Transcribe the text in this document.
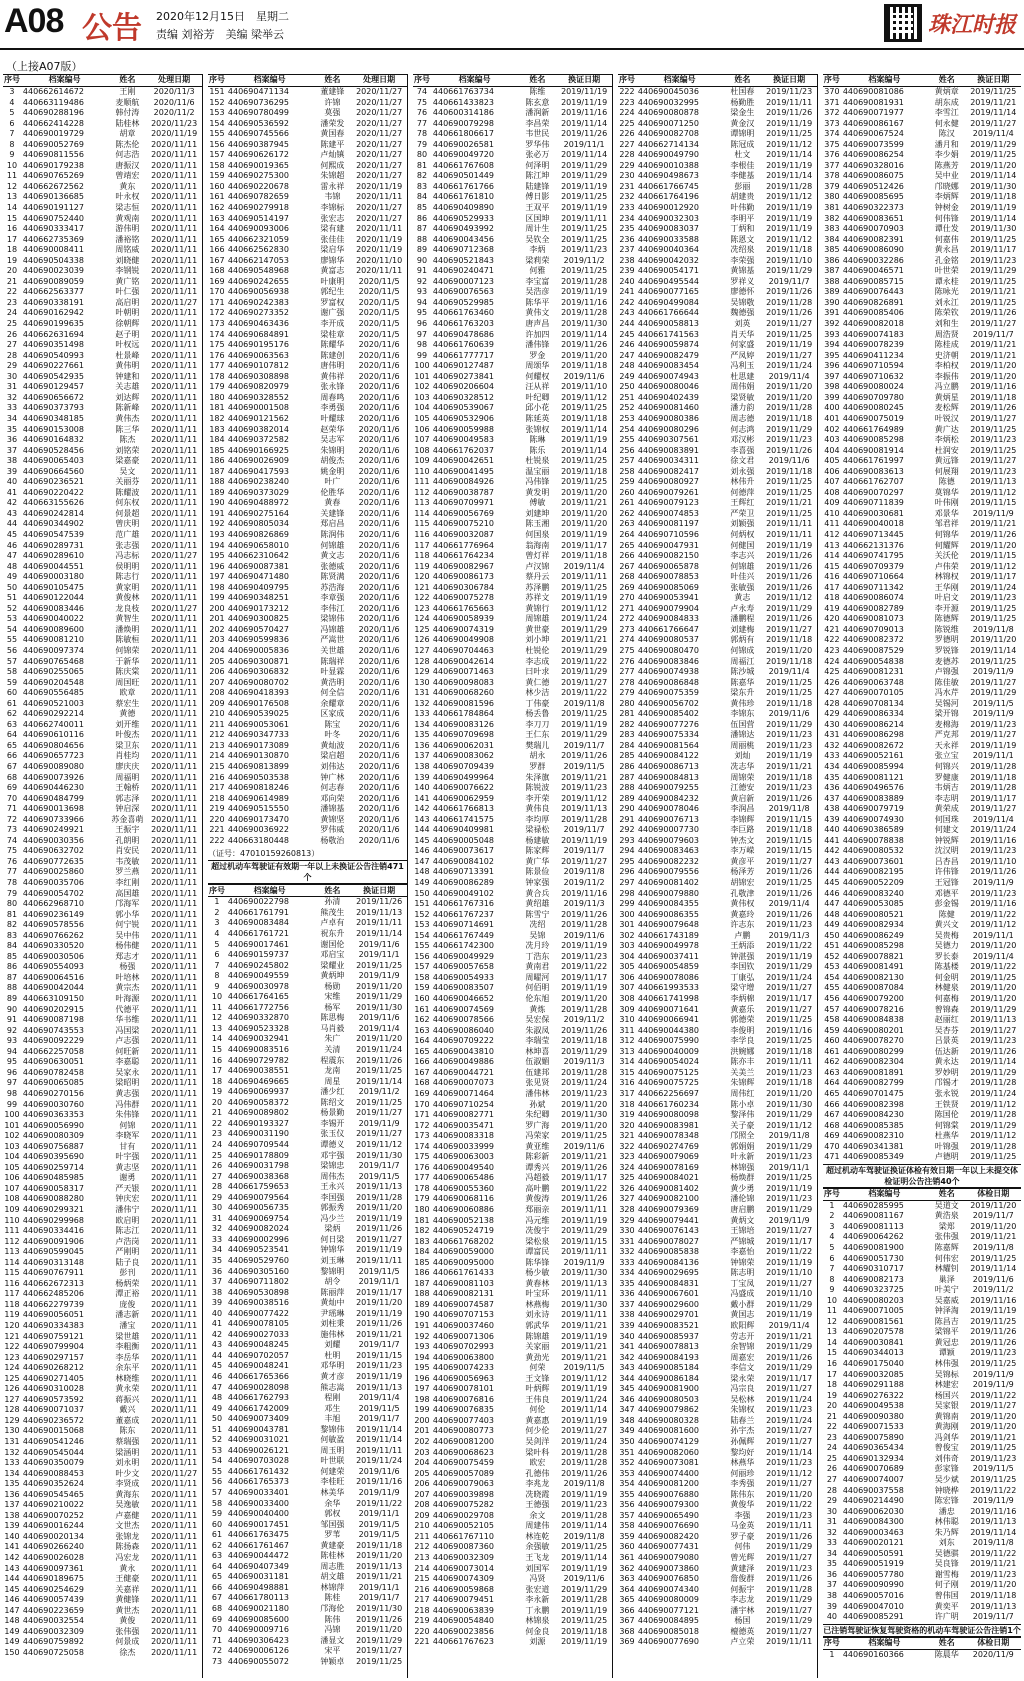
A08 公告 2020年12月15日　星期二
责编 刘裕芳　美编 梁举云	珠江时报
（上接A07版）
序号	档案编号	姓名	处理日期
3	440662614672	王刚	2020/11/3
4	440663119486	麦顺航	2020/11/6
5	440690288196	韩付涛	2020/11/2
6	440662414228	陆桂林	2020/11/23
7	440690019729	胡章	2020/11/19
8	440690052769	陈杰伦	2020/11/11
9	440690811556	何志浩	2020/11/11
10	440690179238	唐振汉	2020/11/11
11	440690765269	曾靖宏	2020/11/11
12	440662672562	黄东	2020/11/11
13	440690136685	叶永权	2020/11/11
14	440690191127	梁志恒	2020/11/11
15	440690752440	黄观南	2020/11/11
16	440690333417	游伟明	2020/11/11
17	440662735369	潘裕铭	2020/11/11
18	440690008411	周铭威	2020/11/11
19	440690504338	刘晓健	2020/11/11
20	440690023039	李钢锐	2020/11/11
21	440690089059	黄广铭	2020/11/11
22	440662563377	叶仁强	2020/11/11
23	440690338191	高启明	2020/11/27
24	440690162942	叶朝明	2020/11/11
25	440690199635	徐朝辉	2020/11/11
26	440662631694	赵子明	2020/11/11
27	440690351498	叶权远	2020/11/11
28	440690540993	杜景峰	2020/11/11
29	440690227661	黄伟明	2020/11/11
30	440690542935	钟建和	2020/11/11
31	440690129457	关志雄	2020/11/11
32	440690656672	刘达辉	2020/11/11
33	440690373793	陈新峰	2020/11/11
34	440690348185	黄伟杰	2020/11/11
35	440690153008	陈三华	2020/11/11
36	440690164832	陈杰	2020/11/11
37	440690528456	刘铭荣	2020/11/11
38	440690065403	梁嘉豪	2020/11/11
39	440690664560	吴文	2020/11/11
40	440690236521	关丽芬	2020/11/11
41	440690220422	陈耀波	2020/11/11
42	440663155626	何东权	2020/11/11
43	440690242814	何景超	2020/11/11
44	440690344902	曾庆明	2020/11/11
45	440690547539	范广雄	2020/11/11
46	440690289731	张志强	2020/11/11
47	440690289610	冯志标	2020/11/27
48	440690044551	侯明明	2020/11/11
49	440690003180	陈志行	2020/11/11
50	440690105475	黄家明	2020/11/11
51	440690122044	黄俊林	2020/11/11
52	440690083446	龙良枝	2020/11/27
53	440690040022	黄智生	2020/11/11
54	440690089600	潘焕明	2020/11/11
55	440690081210	陈敏桓	2020/11/11
56	440690097374	何锦荣	2020/11/11
57	440690765468	于新华	2020/11/11
58	440690255065	陈庆棠	2020/11/11
59	440690204548	周国旺	2020/11/11
60	440690556485	欧章	2020/11/11
61	440690521003	蔡宏生	2020/11/11
62	440690292214	黄德	2020/11/11
63	440662740011	刘开维	2020/11/11
64	440690610116	叶俊杰	2020/11/11
65	440690804656	梁卫东	2020/11/11
66	440690657723	肖桂均	2020/11/11
67	440690089080	廖庆庆	2020/11/11
68	440690073926	周福明	2020/11/11
69	440690446230	王翰桥	2020/11/11
70	440690484799	郭志泽	2020/11/11
71	440690013698	钟启深	2020/11/11
72	440690733966	苏金喜萌	2020/11/11
73	440690249921	王振宇	2020/11/11
74	440690030356	孔朗明	2020/11/11
75	440690632702	肖安民	2020/11/11
76	440690772635	韦茂敏	2020/11/11
77	440690025860	罗兰燕	2020/11/11
78	440690035706	李红刚	2020/11/11
79	440690054702	高国雄	2020/11/11
80	440662968710	邝海军	2020/11/11
81	440690236149	郭小华	2020/11/11
82	440690578556	何宁锐	2020/11/11
83	440690766262	吴中伟	2020/11/11
84	440690330520	杨伟健	2020/11/11
85	440690030506	郑志才	2020/11/11
86	440690554093	杨强	2020/11/11
87	440690064516	叶培林	2020/11/11
88	440690042044	黄宗杰	2020/11/11
89	440663109150	叶海源	2020/11/11
90	440690202915	代德平	2020/11/11
91	440690087198	华书维	2020/11/11
92	440690743553	冯国梁	2020/11/11
93	440690092229	卢志强	2020/11/11
94	440662257058	何旺新	2020/11/11
95	440690630051	李嘉聪	2020/11/11
96	440690782458	吴家永	2020/11/11
97	440690065085	梁昭明	2020/11/11
98	440690270156	黄志强	2020/11/11
99	440690030760	冯伟群	2020/11/11
100	440690363353	朱伟锋	2020/11/11
101	440690056990	何锦	2020/11/11
102	440690080309	李晓军	2020/11/11
103	440690756887	甘有	2020/11/11
104	440690395690	叶宇强	2020/11/11
105	440690259714	黄志坚	2020/11/11
106	440690485985	谢勇	2020/11/11
107	440690058317	严天银	2020/11/11
108	440690088280	钟庆宏	2020/11/11
109	440690299321	潘伟宁	2020/11/11
110	440690299968	欧启明	2020/11/11
111	440690334416	陈志江	2020/11/11
112	440690091906	卢浩岗	2020/11/11
113	440690599045	严刚明	2020/11/11
114	440690313148	陆子良	2020/11/11
115	440690767911	彭刊	2020/11/11
116	440662672313	杨炳荣	2020/11/11
117	440662485206	潭正裕	2020/11/11
118	440662279739	庞俊	2020/11/11
119	440690056051	潘志新	2020/11/11
120	440690334383	潘宝	2020/11/11
121	440690759121	梁世雄	2020/11/11
122	440690799904	李粗衡	2020/11/11
123	440690297157	李岳华	2020/11/11
124	440690268212	余东平	2020/11/11
125	440690271405	林晓维	2020/11/11
126	440690310028	黄永荣	2020/11/11
127	440690573592	蒋振兴	2020/11/11
128	440690071037	戴兴	2020/11/11
129	440690236572	董嘉成	2020/11/11
130	440690015068	陈东	2020/11/11
131	440690541246	蔡瑞强	2020/11/11
132	440690545044	梁涵明	2020/11/11
133	440690350079	刘永明	2020/11/11
134	440690088453	叶少文	2020/11/27
135	440690352624	李贤成	2020/11/11
136	440690545465	黄海东	2020/11/11
137	440690210022	吴逸敏	2020/11/11
138	440690070252	卢嘉健	2020/11/11
139	440690016244	文世杰	2020/11/11
140	440690020134	张锦龙	2020/11/11
141	440690266240	陈扬森	2020/11/11
142	440690026028	冯宏龙	2020/11/11
143	440690097361	黄永	2020/11/11
144	440690189675	王健豪	2020/11/11
145	440690254629	关嘉祥	2020/11/11
146	440690057439	黄健锋	2020/11/11
147	440690223659	黄世杰	2020/11/11
148	440690032554	黄俊	2020/11/11
149	440690032309	张伟强	2020/11/11
149	440690759892	何景成	2020/11/11
150	440690725058	徐杰	2020/11/11
序号	档案编号	姓名	处理日期
151	440690471134	董建锋	2020/11/27
152	440690736295	许锦	2020/11/27
153	440690780499	莫强	2020/11/27
154	440690536592	潘荣发	2020/11/27
155	440690745566	黄国春	2020/11/27
156	440690387945	陈建平	2020/11/27
157	440690626172	卢灿镇	2020/11/27
158	440690019365	何熙成	2020/11/27
159	440690275300	朱锦超	2020/11/27
160	440690220678	雷永祥	2020/11/19
161	440690782659	韦锦	2020/11/11
162	440690279918	李锦标	2020/11/27
163	440690514197	张宏志	2020/11/27
164	440690093006	梁有建	2020/11/11
165	440662321059	张佳佳	2020/11/19
166	440662562830	梁启华	2020/11/19
167	440662147053	廖锦华	2020/11/10
168	440690548968	黄富志	2020/11/11
169	440690242655	叶康明	2020/11/5
170	440690056938	郭纪生	2020/11/5
171	440690242383	罗富权	2020/11/5
172	440690273352	谢广强	2020/11/5
173	440690463436	李开成	2020/11/5
174	440690684891	梁桂章	2020/11/5
175	440690195176	陈耀华	2020/11/6
176	440690063563	陈建创	2020/11/6
177	440690107812	唐伟明	2020/11/6
178	440690308898	黄伟祥	2020/11/6
179	440690820979	张永锋	2020/11/6
180	440690328552	周春鸣	2020/11/6
181	440690001508	李勇强	2020/11/6
182	440690121562	叶耀球	2020/11/6
183	440690382014	赵荣华	2020/11/6
184	440690372582	吴志军	2020/11/6
185	440690166925	朱锦明	2020/11/6
186	440690026909	胡俊杰	2020/11/6
187	440690417593	姚金明	2020/11/6
188	440690238240	叶广	2020/11/6
189	440690373029	伦胜华	2020/11/6
190	440690488972	黄春	2020/11/6
191	440690275164	关建锋	2020/11/6
192	440690805034	郑启昌	2020/11/6
193	440690826869	陈润伟	2020/11/6
194	440690658010	何锦雄	2020/11/6
195	440662310642	黄文志	2020/11/6
196	440690087381	张德威	2020/11/6
197	440690471480	陈贤满	2020/11/6
198	440690409795	苏浩海	2020/11/6
199	440690348251	李章强	2020/11/6
200	440690173212	李伟江	2020/11/6
201	440690300825	梁锦伟	2020/11/6
202	440690570427	冯锦雄	2020/11/6
203	440690599836	严嵩世	2020/11/6
204	440690005836	关世雄	2020/11/6
205	440690300871	陈瑞祥	2020/11/6
206	440690306832	叶显霖	2020/11/6
207	440690080702	黄浩明	2020/11/6
208	440690418393	何全信	2020/11/6
209	440690176508	余耀章	2020/11/6
210	440690539025	区家成	2020/11/6
211	440690053061	陈宝	2020/11/6
212	440690347733	叶冬	2020/11/6
213	440690173089	黄灿波	2020/11/6
214	440690130870	梁启超	2020/11/6
215	440690813899	刘伟达	2020/11/6
216	440690503538	钟广林	2020/11/6
217	440690818246	何志春	2020/11/6
218	440690614989	邓向荣	2020/11/6
219	440690515550	潘锦基	2020/11/6
220	440690173470	黄锦坚	2020/11/6
221	440690036922	罗伟威	2020/11/6
222	440663180448	杨敬治	2020/11/6
（证号：47010159260813）
超过机动车驾驶证有效期一年以上未换证公告注销471个
序号	档案编号	姓名	换证日期
1	440690022798	孙清	2019/11/26
2	440661761791	熊茂生	2019/11/13
3	440690083484	卢卓有	2019/11/11
4	440661761721	祝东升	2019/11/14
5	440690017461	谢国伦	2019/11/6
6	440690159737	邓启宝	2019/11/1
7	440690245802	梁耀业	2019/11/25
8	440690049559	黄炳坤	2019/11/9
9	440690030978	杨勋	2019/11/20
10	440661764165	宋维	2019/11/29
11	440661772756	杨军	2019/11/30
12	440690332870	陈思梅	2019/11/6
13	440690523328	马肖毅	2019/11/4
14	440690032941	朱广	2019/11/20
15	440690083516	关清	2019/11/24
16	440690729782	程震东	2019/11/26
17	440690038551	龙南	2019/11/25
18	440690469665	周星	2019/11/14
19	440690069937	潘少红	2019/11/2
20	440690058372	陈绍文	2019/11/25
21	440690089802	杨景勤	2019/11/27
22	440690193327	李锡开	2019/11/9
23	440690031190	张玉仪	2019/11/27
24	440690709544	谭德义	2019/11/12
25	440690178809	邓宇强	2019/11/30
26	440690031798	梁锦忠	2019/11/7
27	440690038368	周伟杰	2019/11/5
28	440661759653	王永兴	2019/11/13
29	440690079564	李国强	2019/11/28
30	440690056735	郭振秀	2019/11/20
31	440690069754	冯少兰	2019/11/19
32	440690082024	梁炳	2019/11/26
33	440690002996	何日梁	2019/11/27
34	440690523541	钟锦华	2019/11/19
35	440690529760	刘玉琳	2019/11/11
36	440690305160	黎锦明	2019/11/5
37	440690711802	胡令	2019/11/1
38	440690530898	陈丽萍	2019/11/17
39	440690038516	黄灿中	2019/11/20
40	440690077422	尹瑶琳	2019/11/19
41	440690078105	刘柱秉	2019/11/26
42	440690027033	施伟林	2019/11/21
43	440690048245	刘耀	2019/11/7
44	440690702057	杜明	2019/11/15
45	440690048241	邓华明	2019/11/23
46	440661765366	黄才彦	2019/11/19
47	440690028098	熊志嵩	2019/11/13
48	440661762793	程刚	2019/11/4
49	440661742009	邓生	2019/11/5
50	440690073409	丰旭	2019/11/7
51	440690043781	黎锦伟	2019/11/14
52	440690031021	何敏盈	2019/11/14
53	440690026121	周玉明	2019/11/11
54	440690703028	叶世联	2019/11/24
55	440661761432	何建荣	2019/11/6
56	440661765373	李桂旺	2019/11/16
57	440690033401	林美华	2019/11/9
58	440690033400	余华	2019/11/22
59	440690040400	郭权	2019/11/1
60	440690017451	邹国强	2019/11/5
61	440661763475	罗苇	2019/11/5
62	440661761467	黄建豪	2019/11/18
63	440690044472	陈桂林	2019/11/20
64	440690407349	周志胜	2019/11/13
65	440690031181	胡文雄	2019/11/21
66	440690498881	林锦萍	2019/11/1
67	440661780113	陈桂	2019/11/7
68	440690021180	邝海伦	2019/11/30
69	440690085600	陈伟	2019/11/26
70	440690009716	冯锦	2019/11/20
71	440690306423	潘显文	2019/11/29
72	440690006126	宋平	2019/11/27
73	440690055072	钟颖卓	2019/11/25
序号	档案编号	姓名	换证日期
74	440661763734	陈维	2019/11/19
75	440661433823	陈玄意	2019/11/19
76	440600314186	潘润新	2019/11/16
77	440690079298	李昌荣	2019/11/14
78	440661806617	韦世民	2019/11/26
79	440690026581	罗华伟	2019/11/1
80	440690049720	张必万	2019/11/14
81	440661767608	何泽明	2019/11/29
82	440690501449	陈江坤	2019/11/29
83	440661761766	陆建锋	2019/11/19
84	440661761810	傅日影	2019/11/25
85	440690409890	王双平	2019/11/19
86	440690529933	区国坤	2019/11/11
87	440690493992	周计生	2019/11/25
88	440690043456	吴钦全	2019/11/25
89	440690712368	李炳	2019/11/23
90	440690521843	梁莉荣	2019/11/2
91	440690240471	何雅	2019/11/25
92	440690007123	李宝富	2019/11/28
93	440690076563	吴浩彦	2019/11/19
94	440690529985	陈华平	2019/11/16
95	440661763460	黄伟文	2019/11/28
96	440661763203	唐声昌	2019/11/30
97	440690478686	许加四	2019/11/14
98	440661760639	潘伟锋	2019/11/26
99	440661777717	罗金	2019/11/20
100	440690127487	周颂华	2019/11/18
101	440690273841	何耀权	2019/11/6
102	440690206604	汪从祥	2019/11/10
103	440690328512	叶纪卿	2019/11/12
104	440690539067	邱小花	2019/11/25
105	440690532906	陈延英	2019/11/18
106	440690059988	张锦权	2019/11/14
107	440690049583	陈琳	2019/11/19
108	440661762037	陈乐	2019/11/14
109	440690042651	杜锐泉	2019/11/25
110	440690041495	温宝丽	2019/11/18
111	440690084926	冯伟锋	2019/11/25
112	440690038787	黄发明	2019/11/20
113	440690709971	傅敏	2019/11/21
114	440690056769	刘建坤	2019/11/20
115	440690075210	陈玉湘	2019/11/20
116	440690032087	何国泉	2019/11/19
117	440661776964	翁海南	2019/11/17
118	440661764234	曾灯祥	2019/11/18
119	440690082967	卢汉锦	2019/11/4
120	440690086173	蔡丹云	2019/11/11
121	440690306784	苏泽鹏	2019/11/25
122	440690075278	苏祥文	2019/11/19
123	440661765663	黄锦行	2019/11/12
124	440690058939	周锦雄	2019/11/24
125	440690074319	黄世豪	2019/11/29
126	440690049908	刘小坤	2019/11/21
127	440690704463	杜锐伦	2019/11/29
128	440690042614	李志成	2019/11/22
129	440690071463	曰叶求	2019/11/29
130	440690098083	黄仁德	2019/11/27
131	440690068260	林少洁	2019/11/22
132	440690081596	丁伟豪	2019/11/8
133	440661784864	杨丢鲁	2019/11/25
134	440690083126	李刀刀	2019/11/19
135	440690709698	王仁东	2019/11/29
136	440690062031	樊瑞儿	2019/11/7
137	440690083062	胡永	2019/11/26
138	440690709439	罗群	2019/11/5
139	440690499964	朱泽旗	2019/11/21
140	440690076622	陈锐波	2019/11/23
141	440690062959	李开荣	2019/11/12
142	440661766813	黄伟良	2019/11/13
143	440661741575	李均厚	2019/11/28
144	440690409981	梁禄松	2019/11/7
145	440690005048	杨建敏	2019/11/19
146	440690073617	陈家辉	2019/11/7
147	440690084102	黄广华	2019/11/27
148	440690713391	陈景俭	2019/11/8
149	440690086289	钟家强	2019/11/2
150	440690049102	黄合兵	2019/11/16
151	440661767316	黄绍雄	2019/11/3
152	440661767237	陈雪宁	2019/11/26
153	440690714691	冼绍	2019/11/28
154	440661767449	吴锦	2019/11/6
155	440661742300	冼月玲	2019/11/19
156	440690049929	丁浩东	2019/11/23
157	440690057658	黄南君	2019/11/22
158	440690054933	周曜河	2019/11/17
159	440690083507	何佰明	2019/11/19
160	440690046652	伦东旭	2019/11/20
161	440690074569	黄炼	2019/11/28
162	440690078566	吴宏保	2019/11/2
163	440690086040	朱淑凤	2019/11/26
164	440690709222	李瑞莹	2019/11/18
165	440690043810	林坤喜	2019/11/29
166	440690049886	伍淑媚	2019/11/3
167	440690044721	伍建邦	2019/11/28
168	440690007073	张见贤	2019/11/24
169	440690071464	潘伟林	2019/11/23
170	440690710254	孙斌	2019/11/20
171	440690082771	朱纪卿	2019/11/30
172	440690035471	罗广海	2019/11/20
173	440690083318	冯荣家	2019/11/25
174	440690033999	黄亚维	2019/11/6
175	440690063003	陈彩新	2019/11/21
176	440690049540	谭秀兴	2019/11/26
177	440690065486	冯超毅	2019/11/17
178	440690055360	高叶鹏	2019/11/22
179	440690068116	黄俊涛	2019/11/26
180	440690060886	郑丽亲	2019/11/11
181	440690052138	冯元维	2019/11/19
182	440690524719	冼俊宇	2019/11/29
183	440661768202	梁松泉	2019/11/15
184	440690059000	谭富民	2019/11/11
185	440690095000	陈华锋	2019/11/9
186	440661761433	杨少敏	2019/11/30
187	440690081103	黄春林	2019/11/13
188	440690082131	叶宝环	2019/11/11
189	440690074587	林燕梅	2019/11/30
190	440690707153	刘永诗	2019/11/11
191	440690037460	郭武华	2019/11/21
192	440690071306	陈锦雄	2019/11/19
193	440690702993	关家丽	2019/11/21
194	440690063800	黄劲光	2019/11/21
195	440690074233	何荣	2019/11/5
196	440690056963	王文锋	2019/11/12
197	440690078101	叶炳辉	2019/11/19
198	440690076816	王伟良	2019/11/24
199	440690076835	何伦	2019/11/14
200	440690077403	黄嘉惠	2019/11/19
201	440690080773	何少伦	2019/11/27
202	440690081200	吴剑洋	2019/11/24
203	440690068623	梁叶科	2019/11/28
204	440690075459	欧宏	2019/11/28
205	440690057089	孔德伟	2019/11/26
206	440690079063	李兆龙	2019/11/8
207	440690039898	冼晓霞	2019/11/19
208	440690075282	王德强	2019/11/23
209	440690029708	余文	2019/11/28
210	440690052105	周建伟	2019/11/14
211	440661767110	林连乾	2019/11/8
212	440690087360	余强敏	2019/11/25
213	440690032309	王飞龙	2019/11/14
214	440690073014	刘国军	2019/11/19
215	440690074309	冯贤	2019/11/6
216	440690059868	张宏道	2019/11/29
217	440690079451	李永新	2019/11/28
218	440690063839	丁永鹏	2019/11/19
219	440690054840	林锦泉	2019/11/25
220	440690023856	何金良	2019/11/18
221	440661767623	刘源	2019/11/19
序号	档案编号	姓名	换证日期
222	440690045036	杜国春	2019/11/23
223	440690032995	杨勤胜	2019/11/11
224	440690080878	梁金生	2019/11/26
225	440690071250	黄金汉	2019/11/19
226	440690082708	谭锦明	2019/11/25
227	440662714134	陈冠成	2019/11/12
228	440690049790	杜文	2019/11/14
229	440690010388	李根佳	2019/11/19
230	440690498673	李健基	2019/11/14
231	440661766745	彭丽	2019/11/28
232	440661764196	胡建贵	2019/11/12
233	440690012920	叶伟勤	2019/11/19
234	440690032303	李明平	2019/11/19
235	440690083037	丁炳和	2019/11/19
236	440690033588	陈恩文	2019/11/12
237	440690040364	冼绍泉	2019/11/18
238	440690042032	李荣强	2019/11/10
239	440690054171	黄锦基	2019/11/29
240	440690495544	罗祥义	2019/11/7
241	440690077165	廖德怀	2019/11/26
242	440690499084	吴锦敬	2019/11/28
243	440661766644	魏德强	2019/11/26
244	440690058813	刘英	2019/11/27
245	440661741563	肖天华	2019/11/25
246	440690059874	何家盛	2019/11/19
247	440690082479	严凤婷	2019/11/27
248	440690083454	冯利玉	2019/11/24
249	440690074943	杜思建	2019/11/4
250	440690080046	周伟娟	2019/11/20
251	440690402439	梁贤敏	2019/11/20
252	440690081460	潘力韵	2019/11/28
253	440690080386	周志德	2019/11/18
254	440690080296	何志鸿	2019/11/29
255	440690307561	邓汉彬	2019/11/23
256	440690083891	李喜强	2019/11/26
257	440690034311	徐文君	2019/11/6
258	440690082417	刘永强	2019/11/18
259	440690080927	林伟升	2019/11/25
260	440690079261	何德萍	2019/11/25
261	440690079123	王辉红	2019/11/21
262	440690074853	严荣卫	2019/11/25
263	440690081197	刘颖强	2019/11/11
264	440690710596	何炳权	2019/11/11
265	440690047931	何健国	2019/11/19
266	440690082150	李志兴	2019/11/26
267	440690065878	何锦雄	2019/11/26
268	440690078853	叶佳兴	2019/11/26
269	440690085069	张敏强	2019/11/26
270	440690053941	黄志	2019/11/12
271	440690079904	卢永寿	2019/11/29
272	440690084833	潘鹏程	2019/11/26
273	440661766647	刘建梅	2019/11/27
274	440690080537	郭炳有	2019/11/18
275	440690080470	何锦成	2019/11/20
276	440690083846	周福江	2019/11/18
277	440690074938	陈沙城	2019/11/4
278	440690086848	陈嘉华	2019/11/25
279	440690075359	梁东升	2019/11/25
280	440690056702	黄伟珍	2019/11/18
281	440690085402	李锦东	2019/11/6
282	440690077276	伍国营	2019/11/29
283	440690075334	潘锦达	2019/11/23
284	440690081564	周丽桃	2019/11/23
285	440690084122	刘灿	2019/11/19
286	440690086713	冼志华	2019/11/21
287	440690084813	周锦荣	2019/11/18
288	440690079255	江德安	2019/11/23
289	440690084232	黄启新	2019/11/26
290	440690078046	李润昌	2019/11/8
291	440690076713	李锦辉	2019/11/15
292	440690007730	李巨路	2019/11/18
293	440690079603	钟杰文	2019/11/15
294	440690083463	李万嵘	2019/11/15
295	440690082232	黄彦平	2019/11/27
296	440690079556	杨泽芳	2019/11/26
297	440690081402	胡锦宏	2019/11/25
298	440690079880	孔敬津	2019/11/26
299	440690084355	黄伟权	2019/11/4
300	440690086355	黄嘉玲	2019/11/26
301	440690079648	许志东	2019/11/23
302	440661743189	卢鹏	2019/11/3
303	440690049978	王炳添	2019/11/22
304	440690037411	钟湛强	2019/11/19
305	440690054859	李国钦	2019/11/29
306	440690078086	丁康弘	2019/11/24
307	440661993533	梁守增	2019/11/27
308	440661741998	李炳棉	2019/11/17
309	440690071641	黄嘉乐	2019/11/27
310	440690066941	郭德荣	2019/11/25
311	440690044380	李俊明	2019/11/16
312	440690075990	李学良	2019/11/25
313	440690040009	洪婉娜	2019/11/18
314	440690054024	陈亦丰	2019/11/11
315	440690075125	关美兰	2019/11/23
316	440690075725	朱锦辉	2019/11/18
317	440662256697	周伟红	2019/11/20
318	440661760234	陈小卓	2019/11/30
319	440690080098	黎泽伟	2019/11/29
320	440690083981	关子豪	2019/11/12
321	440690078348	邝照全	2019/11/8
322	440690274769	郭娟娟	2019/11/29
323	440690079069	叶永新	2019/11/23
324	440690078169	林锦强	2019/11/1
325	440690084021	杨焕群	2019/11/25
326	440690081402	黄少勇	2019/11/19
327	440690082100	潘伦锦	2019/11/23
328	440690079369	唐启鹏	2019/11/29
329	440690079441	黄炳文	2019/11/9
330	440690076143	王锦培	2019/11/27
331	440690078027	严锦城	2019/11/17
332	440690085838	李嘉怡	2019/11/22
333	440690084136	钟锦荣	2019/11/19
334	440690029695	陈志明	2019/11/10
335	440690084831	丁宝凤	2019/11/27
336	440690067601	冯盛成	2019/11/10
337	440690029600	戴小群	2019/11/29
338	440690029701	黄国志	2019/11/19
339	440690083521	欧阳辉	2019/11/4
340	440690085937	劳志开	2019/11/21
341	440690078813	余智锦	2019/11/29
342	440690084193	周嘉宏	2019/11/26
343	440690085184	李信文	2019/11/29
344	440690086184	梁永荣	2019/11/17
345	440690081900	冯宗良	2019/11/27
346	440690080503	吴松林	2019/11/24
347	440690079862	朱锦权	2019/11/23
348	440690080328	陆春兰	2019/11/24
349	440690081600	孙宇杰	2019/11/27
350	440690074129	孙佩辉	2019/11/27
351	440690082060	黎均好	2019/11/14
352	440690073081	林燕华	2019/11/23
353	440690074400	何丽珍	2019/11/12
354	440690081200	李秀强	2019/11/27
355	440690076880	陈伟东	2019/11/20
356	440690079300	黄俊华	2019/11/22
357	440690065490	李强	2019/11/23
358	440690076690	马金英	2019/11/11
359	440690082420	罗子豪	2019/11/26
360	440690077431	何伟	2019/11/29
361	440690079080	曾光辉	2019/11/27
362	440690073860	黄建泽	2019/11/23
363	440690076850	詹俊群	2019/11/26
364	440690074340	何振宇	2019/11/28
365	440690080009	李志龙	2019/11/29
366	440690077121	潘宇林	2019/11/27
367	440690084895	杨国	2019/11/29
368	440690085018	檀德英	2019/11/27
369	440690077690	卢立荣	2019/11/11
序号	档案编号	姓名	换证日期
370	440690081086	黄炳章	2019/11/25
371	440690081931	胡东成	2019/11/21
372	440690071977	李雪江	2019/11/14
373	440690086167	何永健	2019/11/27
374	440690067524	陈汉	2019/11/4
375	440690073599	潘月和	2019/11/29
376	440690086254	李少娟	2019/11/25
377	440690328016	陈燕芳	2019/11/20
378	440690086075	吴中业	2019/11/14
379	440690512426	邝晓娜	2019/11/30
380	440690085695	李炳辉	2019/11/18
381	440690322373	钟树金	2019/11/19
382	440690083651	何伟锋	2019/11/14
383	440690070903	谭仕发	2019/11/30
384	440690082391	何嘉伟	2019/11/25
385	440690086090	黄永昌	2019/11/17
386	440690032286	孔金铭	2019/11/23
387	440690046571	叶世荣	2019/11/29
388	440690085715	谭永桂	2019/11/25
389	440690076443	陈咏光	2019/11/21
390	440690826891	刘永江	2019/11/25
391	440690085406	陈荣钦	2019/11/26
392	440690082018	刘和生	2019/11/27
393	440690074183	周浩贤	2019/11/7
394	440690078239	陈桂成	2019/11/21
395	440690411234	史济朝	2019/11/21
396	440690710594	李柏权	2019/11/20
397	440690710632	李振伟	2019/11/20
398	440690080024	冯立鹏	2019/11/16
399	440690709780	黄炳星	2019/11/18
400	440690080245	麦松辉	2019/11/26
401	440690075019	叶锐汉	2019/11/27
402	440661764989	黄广达	2019/11/25
403	440690085298	李炳松	2019/11/23
404	440690081914	杜润安	2019/11/25
405	440661761997	黄远锋	2019/11/27
406	440690083613	何展翔	2019/11/23
407	440661762707	陈德	2019/11/13
408	440690070297	莫锦华	2019/11/12
409	440690711839	叶伟刚	2019/11/15
410	440690030681	邓景华	2019/11/9
411	440690040018	邹君祥	2019/11/21
412	440690713445	何锦华	2019/11/26
413	440662131376	何耀辉	2019/11/20
414	440690741795	关沃伦	2019/11/15
415	440690709379	卢伟荣	2019/11/12
416	440690710664	林锦权	2019/11/17
417	440690711342	王华刚	2019/11/24
418	440690086074	叶启文	2019/11/23
419	440690082789	李开源	2019/11/25
420	440690081073	陈德辉	2019/11/25
421	440690709013	陈锐维	2019/11/8
422	440690082372	罗德明	2019/11/20
423	440690087529	罗锐锋	2019/11/14
424	440690054838	麦德苏	2019/11/25
425	440690081231	卢锦强	2019/11/9
426	440690063748	陈佳敏	2019/11/27
427	440690070105	冯水芹	2019/11/29
428	440690708134	吴锡河	2019/11/5
429	440690086334	梁开锦	2019/11/9
430	440690086214	麦棉海	2019/11/23
431	440690086298	严克邦	2019/11/27
432	440690082672	天永祥	2019/11/19
433	440690052161	张立宝	2019/11/1
434	440690085994	何锦兴	2019/11/28
435	440690081121	罗健康	2019/11/18
436	440690496576	韦炳吉	2019/11/28
437	440690083889	李志明	2019/11/17
438	440690079719	黄荣成	2019/11/27
439	440690074930	何国珠	2019/11/4
440	440690386589	何建文	2019/11/24
441	440690078838	钟锐辉	2019/11/16
442	440690080532	沈汉明	2019/11/23
443	440690073601	吕杏昌	2019/11/10
444	440690082195	许伟锋	2019/11/26
445	440690052209	王冠锋	2019/11/9
446	440690083240	邓德平	2019/11/23
447	440690053085	彭金锡	2019/11/16
448	440690080521	陈健	2019/11/22
449	440690082934	黄兴文	2019/11/12
450	440690086249	吴贵梅	2019/11/1
451	440690085298	吴德力	2019/11/20
452	440690078821	罗长泰	2019/11/4
453	440690081491	陈基楼	2019/11/22
454	440690082130	何金明	2019/11/25
455	440690087084	林健泉	2019/11/20
456	440690079200	何嘉梅	2019/11/20
457	440690078216	曾锦森	2019/11/29
458	440690084838	赵丽红	2019/11/13
459	440690080201	吴杏芬	2019/11/27
460	440690078270	吕景英	2019/11/23
461	440690080299	伍达新	2019/11/26
462	440690082304	黄永达	2019/11/14
463	440690081891	罗妙明	2019/11/29
464	440690082799	邝锡才	2019/11/28
465	440690701475	张永锐	2019/11/24
466	440690082398	王铁贤	2019/11/12
467	440690084230	陈国伦	2019/11/28
468	440690085385	何锦棠	2019/11/29
469	440690082310	杜燕华	2019/11/12
470	440690341381	叶锦强	2019/11/28
471	440690085349	卢德明	2019/11/25
超过机动车驾驶证换证体检有效日期一年以上未提交体检证明公告注销40个
序号	档案编号	姓名	体检日期
1	440690285995	吴道文	2019/11/20
2	440690081167	黄浩泉	2019/11/7
3	440690081113	梁郑	2019/11/20
4	440690064262	张伟强	2019/11/21
5	440690081900	陈嘉辉	2019/11/8
6	440690051730	何伟宏	2019/11/25
7	440690310717	林耀钊	2019/11/14
8	440690082173	巢泽	2019/11/6
9	440690323725	叶美宁	2019/11/2
10	440690080203	吴嘉威	2019/11/16
11	440690071005	钟泽淘	2019/11/19
12	440690081561	陈昌吉	2019/11/25
13	440690207578	梁锦平	2019/11/26
14	440690030841	黄冠忠	2019/11/26
15	440690344013	谭颖	2019/11/23
16	440690175040	林伟强	2019/11/25
17	440690032085	吴锦标	2019/11/9
18	440690291188	林建宏	2019/11/9
19	440690276322	杨国兴	2019/11/22
20	440690049538	吴家银	2019/11/27
21	440690090380	黄锦南	2019/11/20
22	440690071533	黄海刚	2019/11/20
23	440690075890	冯剑华	2019/11/21
24	440690365434	曾俊宝	2019/11/25
25	440690132934	刘伟奇	2019/11/23
26	440690070689	彭家锋	2019/11/5
27	440690074007	吴少斌	2019/11/25
28	440690037558	钟晓桦	2019/11/22
29	440690214490	陈宏锋	2019/11/9
30	440690062030	潘忠	2019/11/16
31	440690084300	林伟聪	2019/11/13
32	440690003463	朱乃辉	2019/11/14
33	440690020121	刘东	2019/11/8
34	440690050591	吴德骐	2019/11/22
35	440690051919	吴良锋	2019/11/21
36	440690057780	谢雪梅	2019/11/23
37	440690090990	何子刚	2019/11/20
38	440690057016	曾伟国	2019/11/18
39	440690047010	黄奕平	2019/11/13
40	440690085291	许广明	2019/11/7
已注销驾驶证恢复驾驶资格的机动车驾驶证公告注销1个
序号	档案编号	姓名	体检日期
1	440690160366	陈晨华	2020/11/9
